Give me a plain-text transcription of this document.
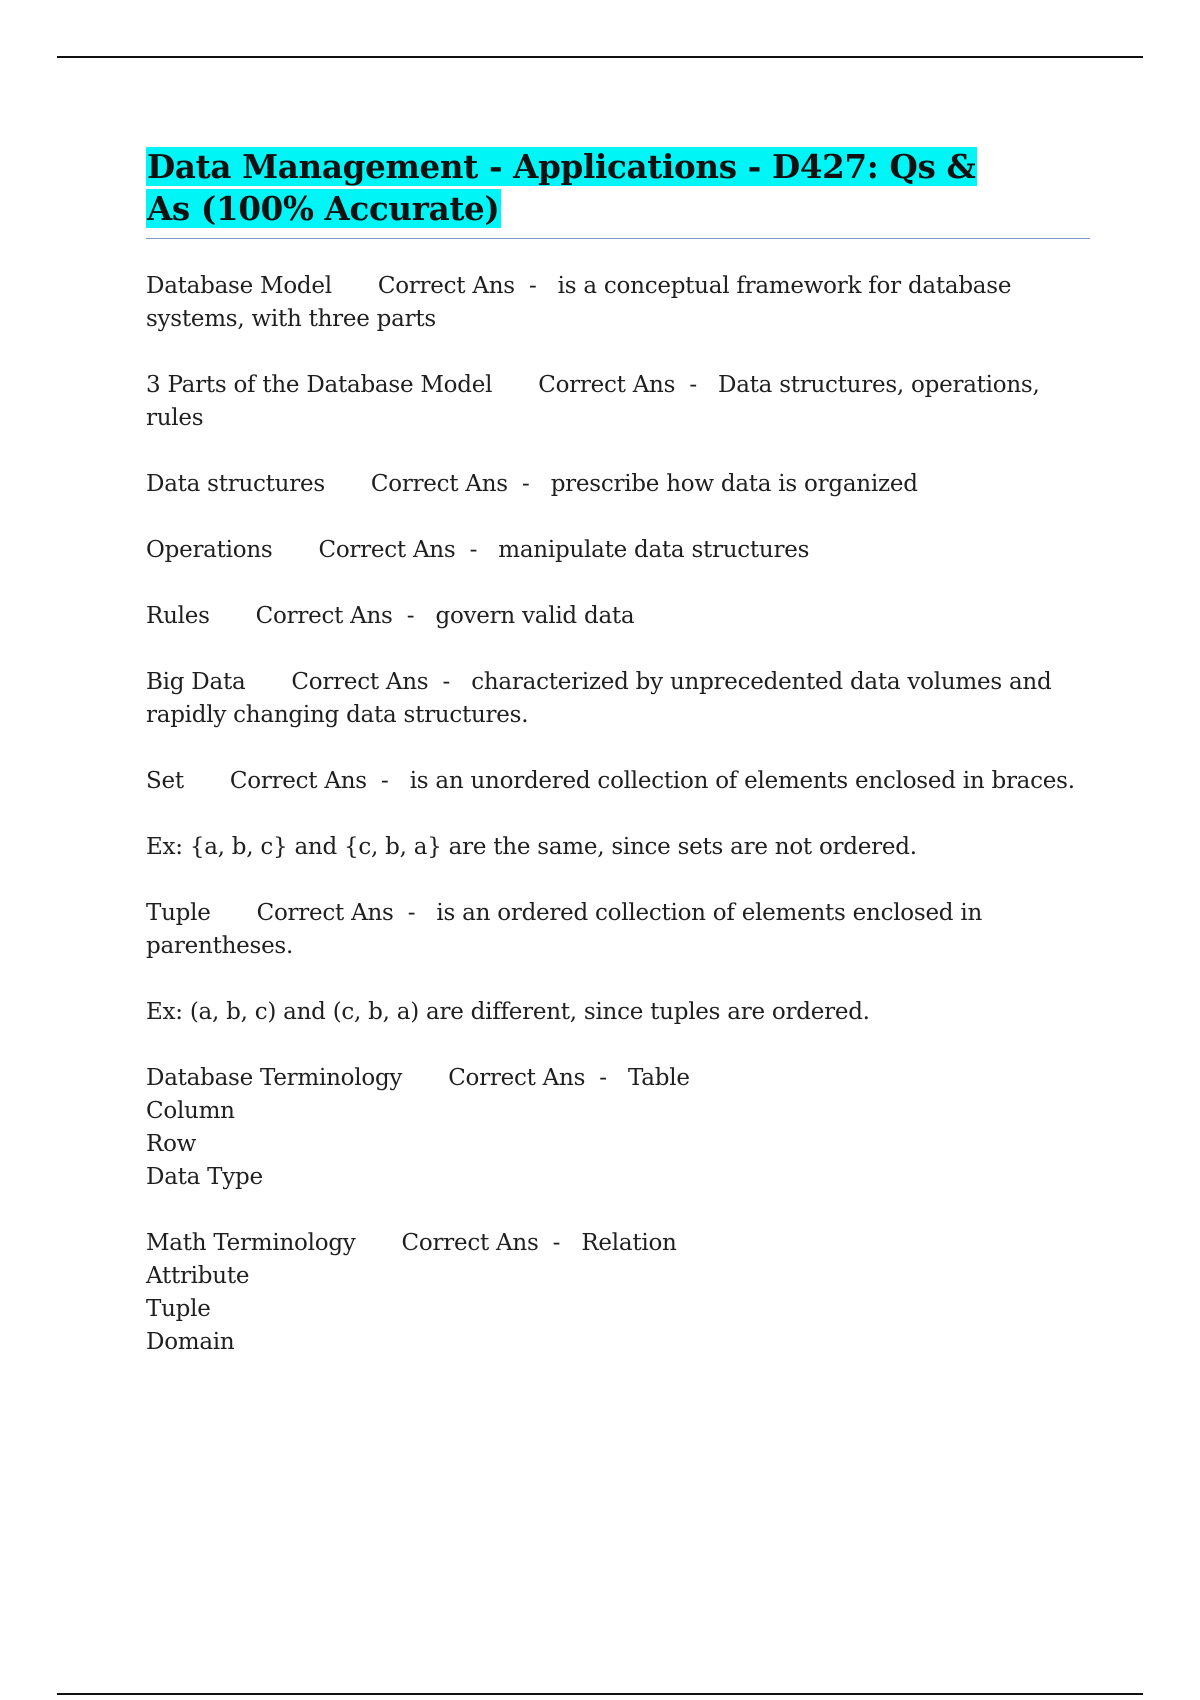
Data Management - Applications - D427: Qs & As (100% Accurate)

Database Model Correct Ans - is a conceptual framework for database systems, with three parts

3 Parts of the Database Model Correct Ans - Data structures, operations, rules

Data structures Correct Ans - prescribe how data is organized

Operations Correct Ans - manipulate data structures

Rules Correct Ans - govern valid data

Big Data Correct Ans - characterized by unprecedented data volumes and rapidly changing data structures.

Set Correct Ans - is an unordered collection of elements enclosed in braces.

Ex: {a, b, c} and {c, b, a} are the same, since sets are not ordered.

Tuple Correct Ans - is an ordered collection of elements enclosed in parentheses.

Ex: (a, b, c) and (c, b, a) are different, since tuples are ordered.

Database Terminology Correct Ans - Table
Column
Row
Data Type

Math Terminology Correct Ans - Relation
Attribute
Tuple
Domain
